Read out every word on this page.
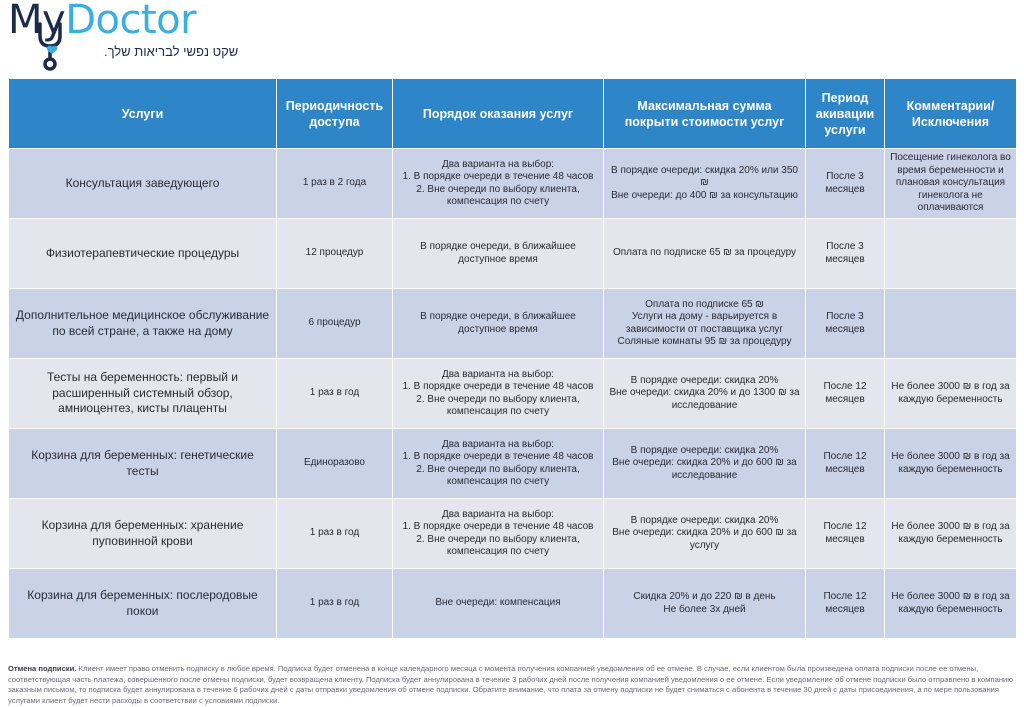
MyDoctor
שקט נפשי לבריאות שלך.
Услуги	Периодичность доступа	Порядок оказания услуг	Максимальная сумма покрыти стоимости услуг	Период акивации услуги	Комментарии/ Исключения
Консультация заведующего	1 раз в 2 года	Два варианта на выбор:
1. В порядке очереди в течение 48 часов
2. Вне очереди по выбору клиента, компенсация по счету	В порядке очереди: скидка 20% или 350 ₪
Вне очереди: до 400 ₪ за консультацию	После 3 месяцев	Посещение гинеколога во время беременности и плановая консультация гинеколога не оплачиваются
Физиотерапевтические процедуры	12 процедур	В порядке очереди, в ближайшее доступное время	Оплата по подписке 65 ₪ за процедуру	После 3 месяцев	
Дополнительное медицинское обслуживание по всей стране, а также на дому	6 процедур	В порядке очереди, в ближайшее доступное время	Оплата по подписке 65 ₪
Услуги на дому - варьируется в зависимости от поставщика услуг
Соляные комнаты 95 ₪ за процедуру	После 3 месяцев	
Тесты на беременность: первый и расширенный системный обзор, амниоцентез, кисты плаценты	1 раз в год	Два варианта на выбор:
1. В порядке очереди в течение 48 часов
2. Вне очереди по выбору клиента, компенсация по счету	В порядке очереди: скидка 20%
Вне очереди: скидка 20% и до 1300 ₪ за исследование	После 12 месяцев	Не более 3000 ₪ в год за каждую беременность
Корзина для беременных: генетические тесты	Единоразово	Два варианта на выбор:
1. В порядке очереди в течение 48 часов
2. Вне очереди по выбору клиента, компенсация по счету	В порядке очереди: скидка 20%
Вне очереди: скидка 20% и до 600 ₪ за исследование	После 12 месяцев	Не более 3000 ₪ в год за каждую беременность
Корзина для беременных: хранение пуповинной крови	1 раз в год	Два варианта на выбор:
1. В порядке очереди в течение 48 часов
2. Вне очереди по выбору клиента, компенсация по счету	В порядке очереди: скидка 20%
Вне очереди: скидка 20% и до 600 ₪ за услугу	После 12 месяцев	Не более 3000 ₪ в год за каждую беременность
Корзина для беременных: послеродовые покои	1 раз в год	Вне очереди: компенсация	Скидка 20% и до 220 ₪ в день
Не более 3х дней	После 12 месяцев	Не более 3000 ₪ в год за каждую беременность
Отмена подписки. Клиент имеет право отменить подписку в любое время. Подписка будет отменена в конце календарного месяца с момента получения компанией уведомления об ее отмене. В случае, если клиентом была произведена оплата подписки после ее отмены, соответствующая часть платежа, совершенного после отмены подписки, будет возвращена клиенту. Подписка будет аннулирована в течение 3 рабочих дней после получения компанией уведомления о ее отмене. Если уведомление об отмене подписки было отправлено в компанию заказным письмом, то подписка будет аннулирована в течение 6 рабочих дней с даты отправки уведомления об отмене подписки. Обратите внимание, что плата за отмену подписки не будет сниматься с абонента в течение 30 дней с даты присоединения, а по мере пользования услугами клиент будет нести расходы в соответствии с условиями подписки.
